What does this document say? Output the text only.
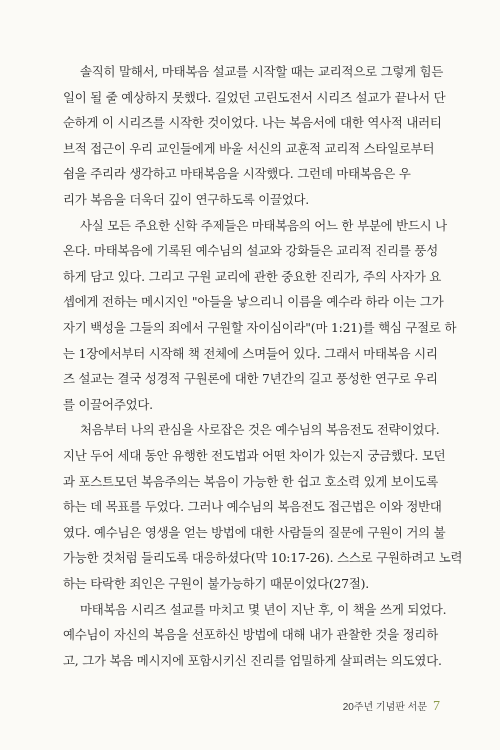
솔직히 말해서, 마태복음 설교를 시작할 때는 교리적으로 그렇게 힘든
일이 될 줄 예상하지 못했다. 길었던 고린도전서 시리즈 설교가 끝나서 단
순하게 이 시리즈를 시작한 것이었다. 나는 복음서에 대한 역사적 내러티
브적 접근이 우리 교인들에게 바울 서신의 교훈적 교리적 스타일로부터
쉼을 주리라 생각하고 마태복음을 시작했다. 그런데 마태복음은 우
리가 복음을 더욱더 깊이 연구하도록 이끌었다.
사실 모든 주요한 신학 주제들은 마태복음의 어느 한 부분에 반드시 나
온다. 마태복음에 기록된 예수님의 설교와 강화들은 교리적 진리를 풍성
하게 담고 있다. 그리고 구원 교리에 관한 중요한 진리가, 주의 사자가 요
셉에게 전하는 메시지인 "아들을 낳으리니 이름을 예수라 하라 이는 그가
자기 백성을 그들의 죄에서 구원할 자이심이라"(마 1:21)를 핵심 구절로 하
는 1장에서부터 시작해 책 전체에 스며들어 있다. 그래서 마태복음 시리
즈 설교는 결국 성경적 구원론에 대한 7년간의 길고 풍성한 연구로 우리
를 이끌어주었다.
처음부터 나의 관심을 사로잡은 것은 예수님의 복음전도 전략이었다.
지난 두어 세대 동안 유행한 전도법과 어떤 차이가 있는지 궁금했다. 모던
과 포스트모던 복음주의는 복음이 가능한 한 쉽고 호소력 있게 보이도록
하는 데 목표를 두었다. 그러나 예수님의 복음전도 접근법은 이와 정반대
였다. 예수님은 영생을 얻는 방법에 대한 사람들의 질문에 구원이 거의 불
가능한 것처럼 들리도록 대응하셨다(막 10:17-26). 스스로 구원하려고 노력
하는 타락한 죄인은 구원이 불가능하기 때문이었다(27절).
마태복음 시리즈 설교를 마치고 몇 년이 지난 후, 이 책을 쓰게 되었다.
예수님이 자신의 복음을 선포하신 방법에 대해 내가 관찰한 것을 정리하
고, 그가 복음 메시지에 포함시키신 진리를 엄밀하게 살피려는 의도였다.
20주년 기념판 서문 7
